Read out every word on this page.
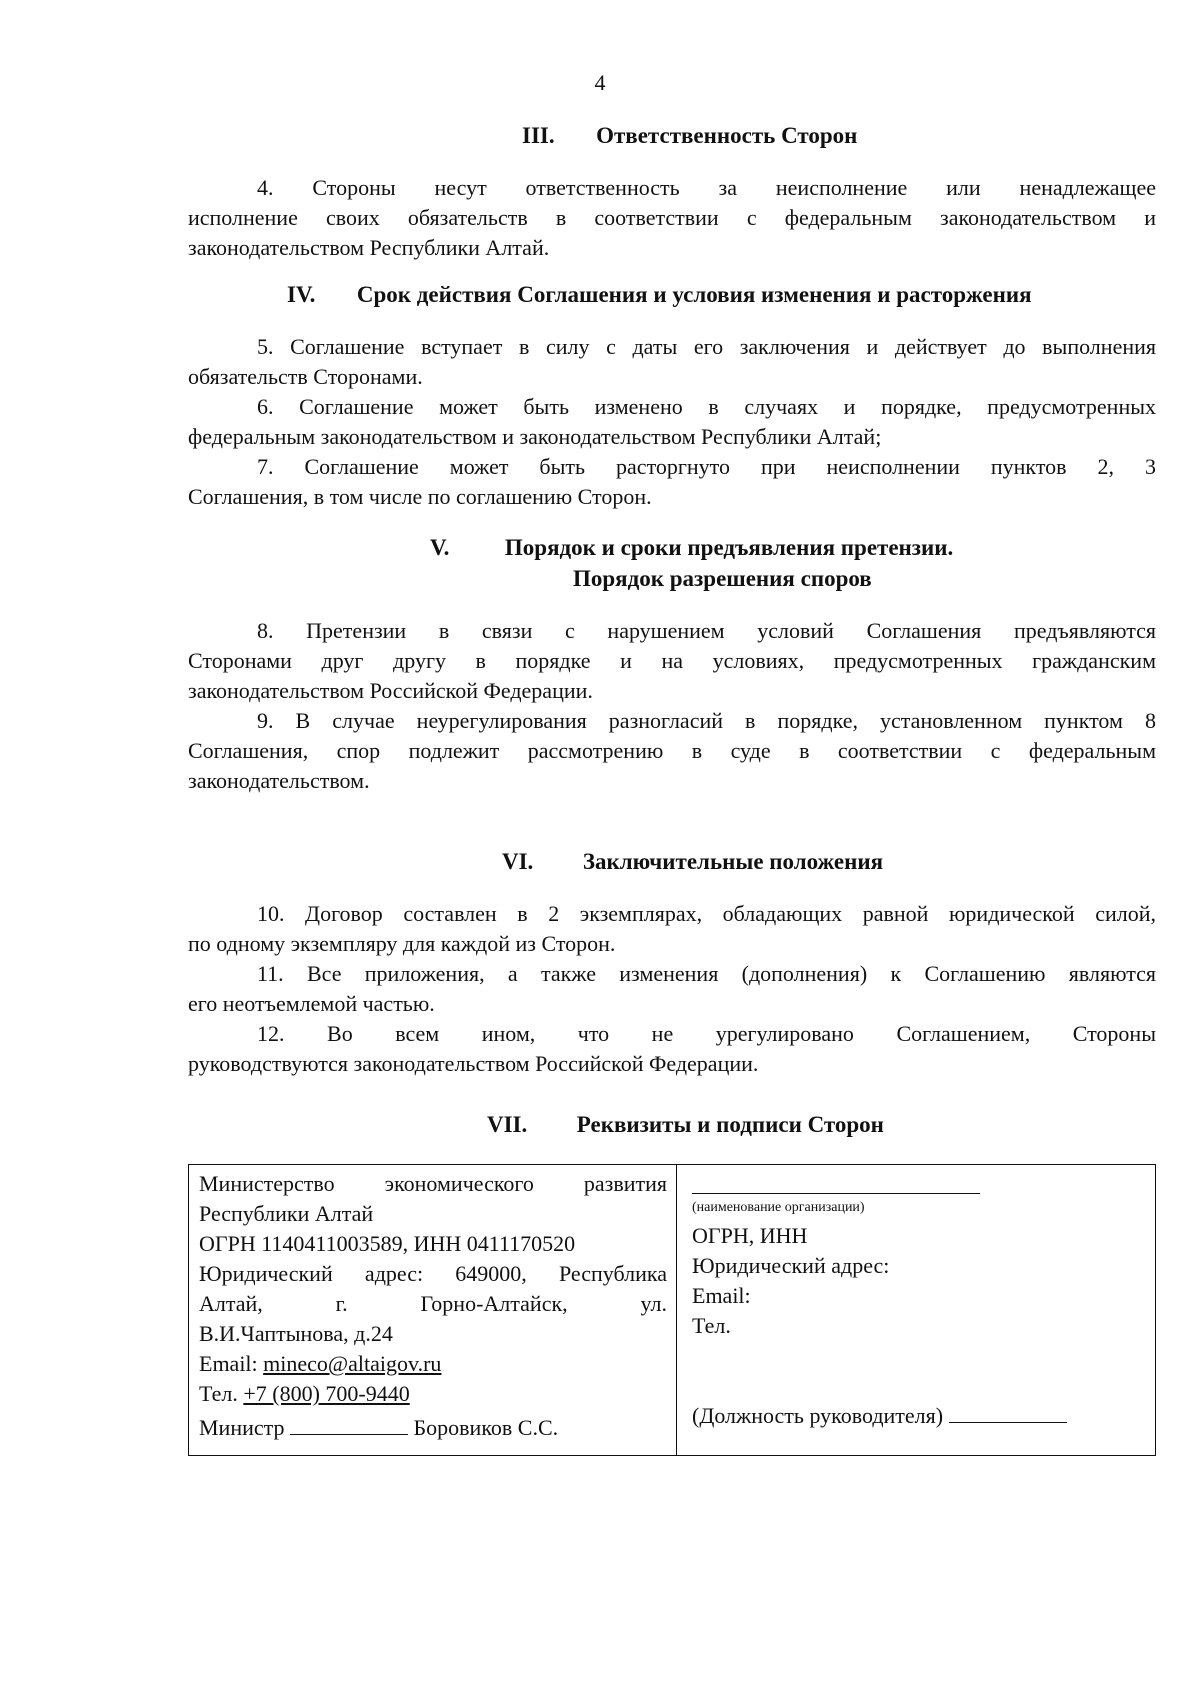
4
III. Ответственность Сторон
4. Стороны несут ответственность за неисполнение или ненадлежащее
исполнение своих обязательств в соответствии с федеральным законодательством и
законодательством Республики Алтай.
IV. Срок действия Соглашения и условия изменения и расторжения
5. Соглашение вступает в силу с даты его заключения и действует до выполнения
обязательств Сторонами.
6. Соглашение может быть изменено в случаях и порядке, предусмотренных
федеральным законодательством и законодательством Республики Алтай;
7. Соглашение может быть расторгнуто при неисполнении пунктов 2, 3
Соглашения, в том числе по соглашению Сторон.
V. Порядок и сроки предъявления претензии.
Порядок разрешения споров
8. Претензии в связи с нарушением условий Соглашения предъявляются
Сторонами друг другу в порядке и на условиях, предусмотренных гражданским
законодательством Российской Федерации.
9. В случае неурегулирования разногласий в порядке, установленном пунктом 8
Соглашения, спор подлежит рассмотрению в суде в соответствии с федеральным
законодательством.
VI. Заключительные положения
10. Договор составлен в 2 экземплярах, обладающих равной юридической силой,
по одному экземпляру для каждой из Сторон.
11. Все приложения, а также изменения (дополнения) к Соглашению являются
его неотъемлемой частью.
12. Во всем ином, что не урегулировано Соглашением, Стороны
руководствуются законодательством Российской Федерации.
VII. Реквизиты и подписи Сторон
Министерство экономического развития
Республики Алтай
ОГРН 1140411003589, ИНН 0411170520
Юридический адрес: 649000, Республика
Алтай, г. Горно-Алтайск, ул.
В.И.Чаптынова, д.24
Email: mineco@altaigov.ru
Тел. +7 (800) 700-9440
Министр	Боровиков С.С.
(наименование организации)
ОГРН, ИНН
Юридический адрес:
Email:
Тел.
(Должность руководителя)
